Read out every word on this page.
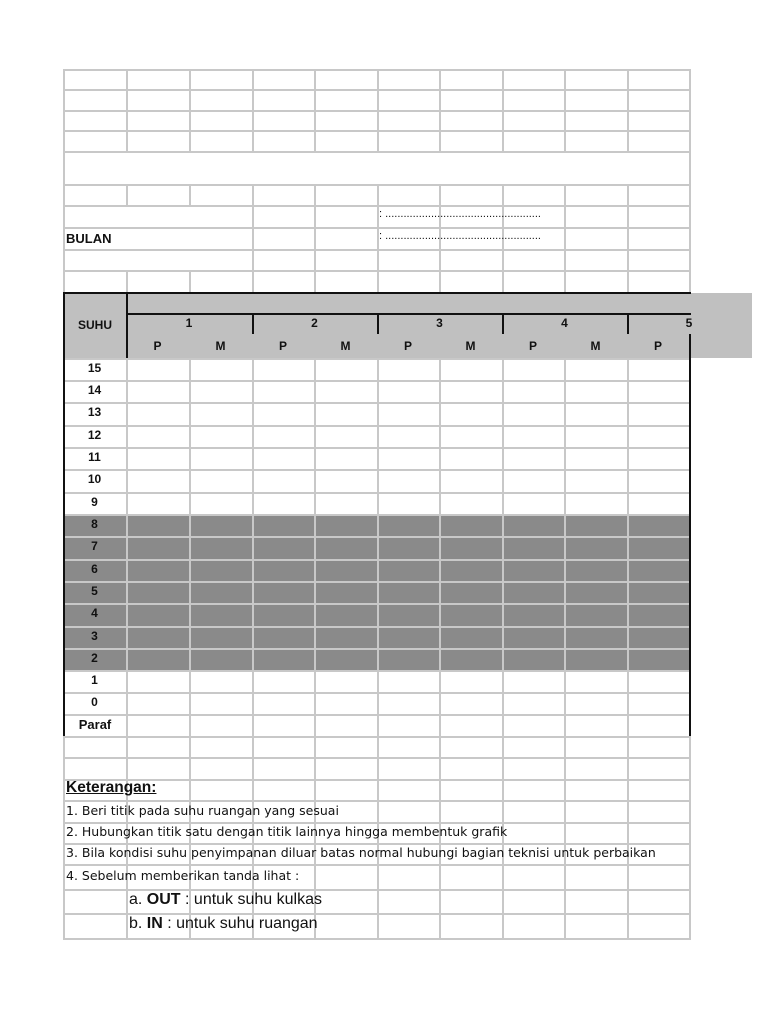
BULAN
: ...................................................
: ...................................................
SUHU	1	2	3	4	5
P	M	P	M	P	M	P	M	P
15
14
13
12
11
10
9
8
7
6
5
4
3
2
1
0
Paraf
Keterangan:
1. Beri titik pada suhu ruangan yang sesuai
2. Hubungkan titik satu dengan titik lainnya hingga membentuk grafik
3. Bila kondisi suhu penyimpanan diluar batas normal hubungi bagian teknisi untuk perbaikan
4. Sebelum memberikan tanda lihat :
a. OUT : untuk suhu kulkas
b. IN : untuk suhu ruangan
